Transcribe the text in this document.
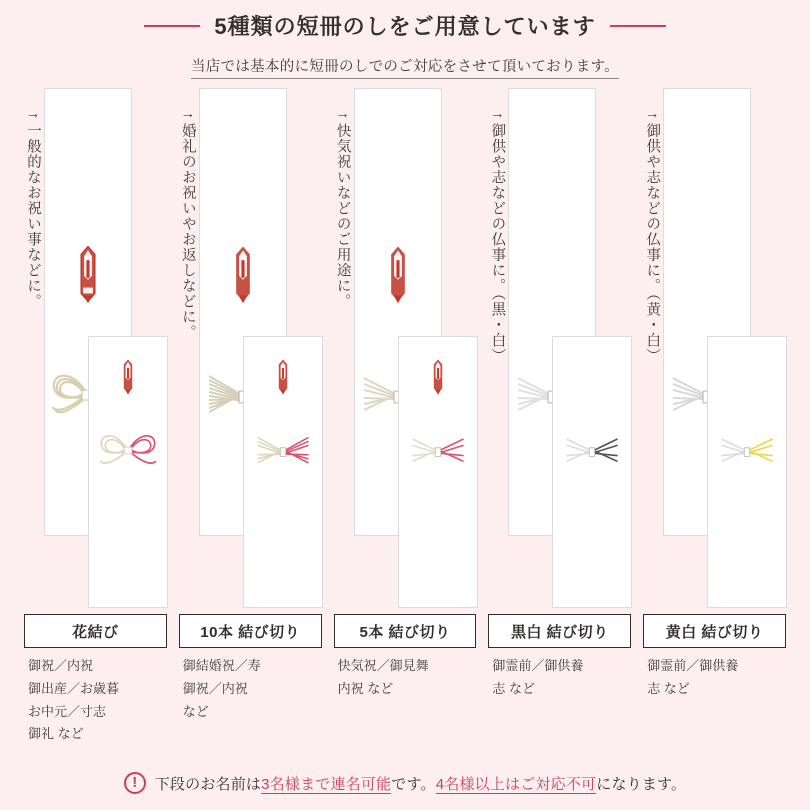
5種類の短冊のしをご用意しています
当店では基本的に短冊のしでのご対応をさせて頂いております。
→一般的なお祝い事などに。	→婚礼のお祝いやお返しなどに。	→快気祝いなどのご用途に。	→御供や志などの仏事に。（黒・白）	→御供や志などの仏事に。（黄・白）
花結び
御祝／内祝
御出産／お歳暮
お中元／寸志
御礼 など
10本 結び切り
御結婚祝／寿
御祝／内祝
など
5本 結び切り
快気祝／御見舞
内祝 など
黒白 結び切り
御霊前／御供養
志 など
黄白 結び切り
御霊前／御供養
志 など
!	下段のお名前は3名様まで連名可能です。4名様以上はご対応不可になります。
